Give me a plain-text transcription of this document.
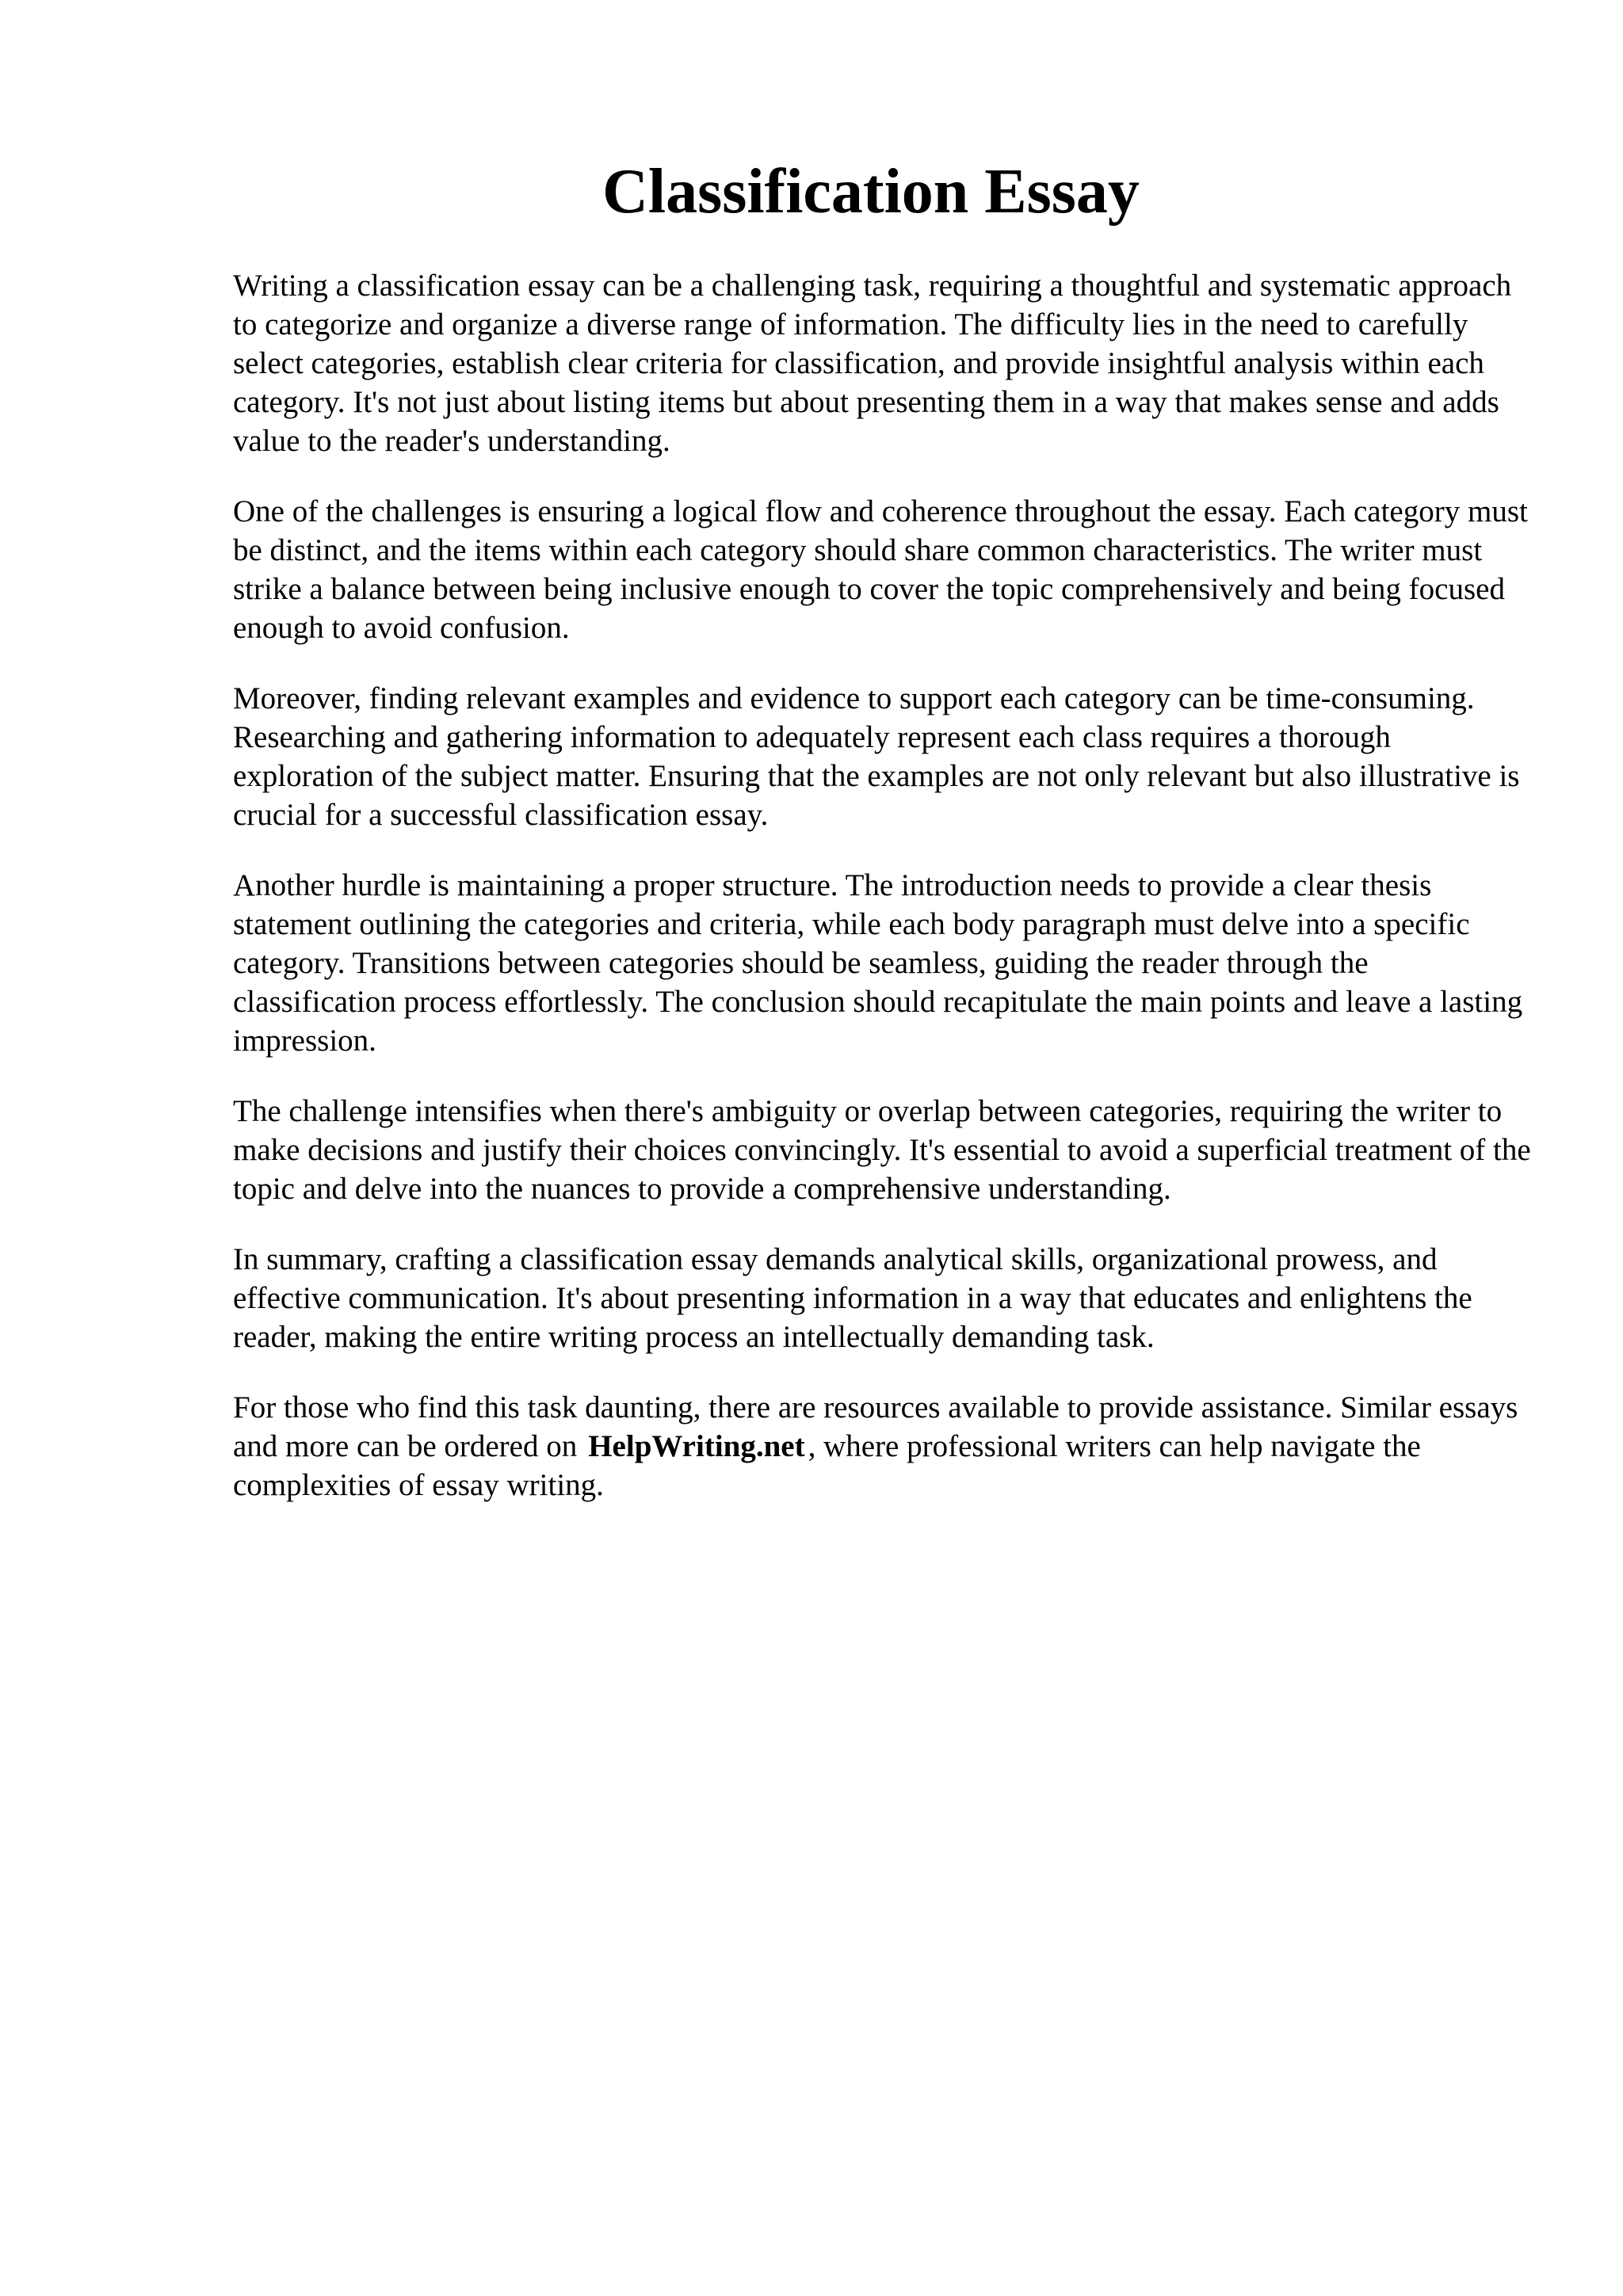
Classification Essay

Writing a classification essay can be a challenging task, requiring a thoughtful and systematic approach to categorize and organize a diverse range of information. The difficulty lies in the need to carefully select categories, establish clear criteria for classification, and provide insightful analysis within each category. It's not just about listing items but about presenting them in a way that makes sense and adds value to the reader's understanding.

One of the challenges is ensuring a logical flow and coherence throughout the essay. Each category must be distinct, and the items within each category should share common characteristics. The writer must strike a balance between being inclusive enough to cover the topic comprehensively and being focused enough to avoid confusion.

Moreover, finding relevant examples and evidence to support each category can be time-consuming. Researching and gathering information to adequately represent each class requires a thorough exploration of the subject matter. Ensuring that the examples are not only relevant but also illustrative is crucial for a successful classification essay.

Another hurdle is maintaining a proper structure. The introduction needs to provide a clear thesis statement outlining the categories and criteria, while each body paragraph must delve into a specific category. Transitions between categories should be seamless, guiding the reader through the classification process effortlessly. The conclusion should recapitulate the main points and leave a lasting impression.

The challenge intensifies when there's ambiguity or overlap between categories, requiring the writer to make decisions and justify their choices convincingly. It's essential to avoid a superficial treatment of the topic and delve into the nuances to provide a comprehensive understanding.

In summary, crafting a classification essay demands analytical skills, organizational prowess, and effective communication. It's about presenting information in a way that educates and enlightens the reader, making the entire writing process an intellectually demanding task.

For those who find this task daunting, there are resources available to provide assistance. Similar essays and more can be ordered on HelpWriting.net , where professional writers can help navigate the complexities of essay writing.
